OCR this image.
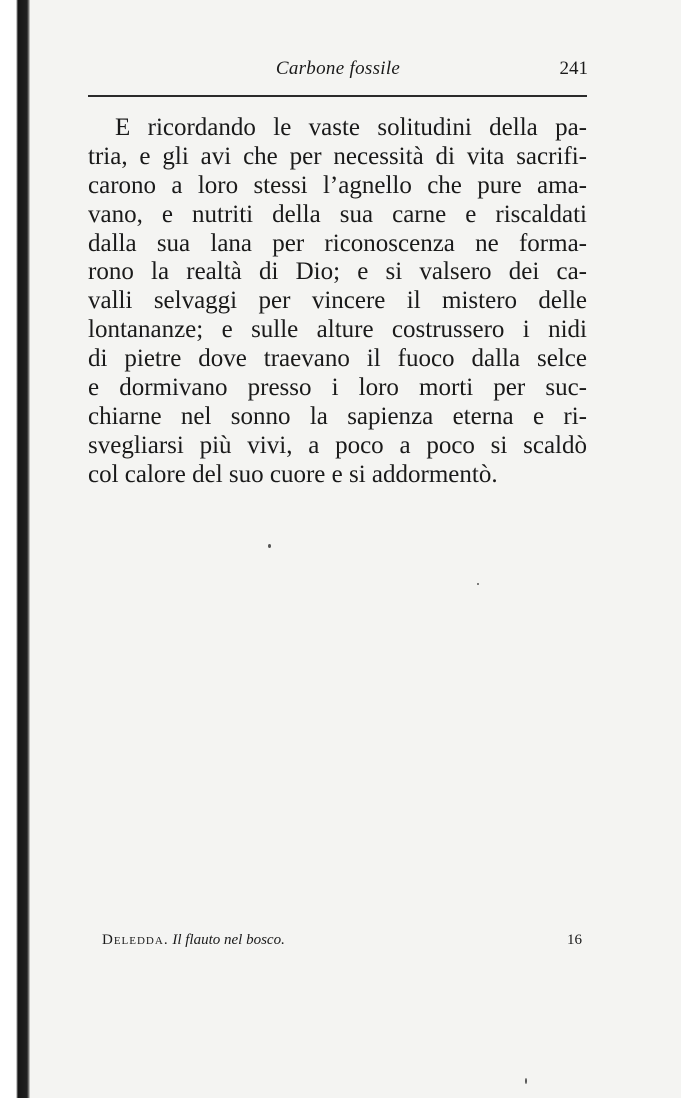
Carbone fossile	241
E ricordando le vaste solitudini della pa-
tria, e gli avi che per necessità di vita sacrifi-
carono a loro stessi l’agnello che pure ama-
vano, e nutriti della sua carne e riscaldati
dalla sua lana per riconoscenza ne forma-
rono la realtà di Dio; e si valsero dei ca-
valli selvaggi per vincere il mistero delle
lontananze; e sulle alture costrussero i nidi
di pietre dove traevano il fuoco dalla selce
e dormivano presso i loro morti per suc-
chiarne nel sonno la sapienza eterna e ri-
svegliarsi più vivi, a poco a poco si scaldò
col calore del suo cuore e si addormentò.
Deledda. Il flauto nel bosco.	16
